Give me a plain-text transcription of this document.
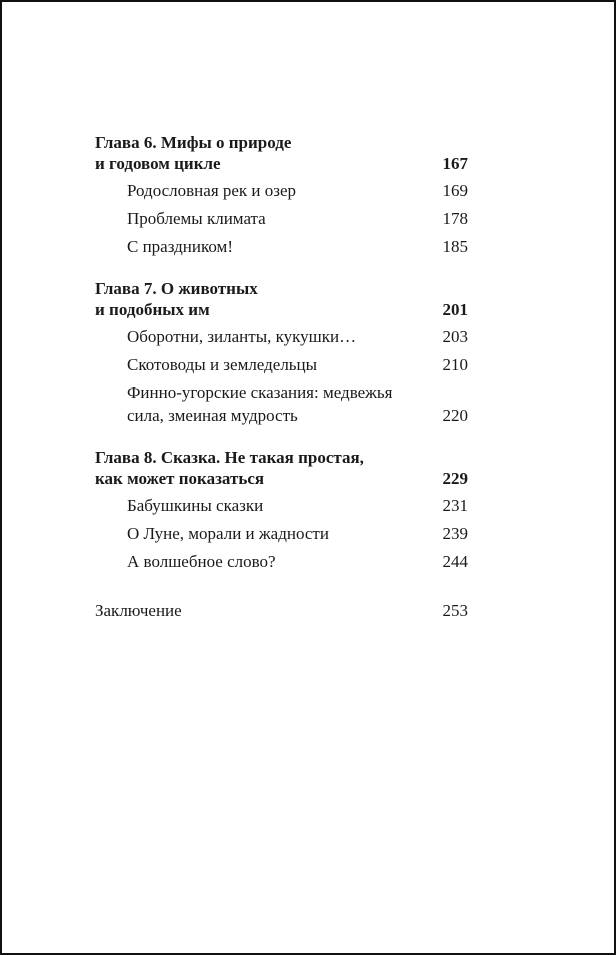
Глава 6. Мифы о природе
и годовом цикле	167
Родословная рек и озер	169
Проблемы климата	178
С праздником!	185
Глава 7. О животных
и подобных им	201
Оборотни, зиланты, кукушки…	203
Скотоводы и земледельцы	210
Финно-угорские сказания: медвежья сила, змеиная мудрость	220
Глава 8. Сказка. Не такая простая,
как может показаться	229
Бабушкины сказки	231
О Луне, морали и жадности	239
А волшебное слово?	244
Заключение	253
